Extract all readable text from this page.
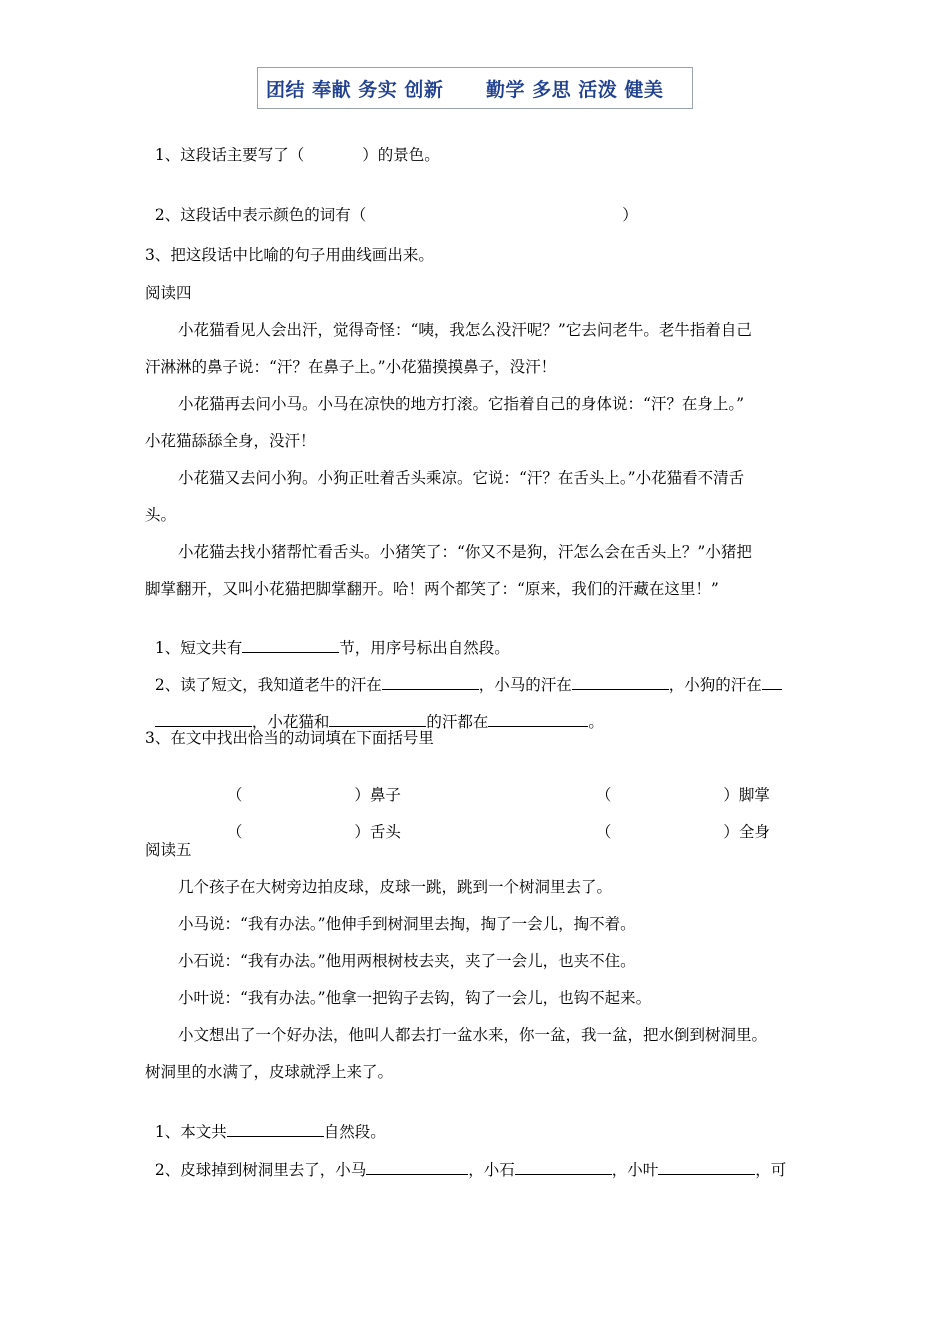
团结 奉献 务实 创新      勤学 多思 活泼 健美

1、这段话主要写了（	）的景色。

2、这段话中表示颜色的词有（	）

3、把这段话中比喻的句子用曲线画出来。
阅读四
小花猫看见人会出汗，觉得奇怪：“咦，我怎么没汗呢？”它去问老牛。老牛指着自己
汗淋淋的鼻子说：“汗？在鼻子上。”小花猫摸摸鼻子，没汗！
小花猫再去问小马。小马在凉快的地方打滚。它指着自己的身体说：“汗？在身上。”
小花猫舔舔全身，没汗！
小花猫又去问小狗。小狗正吐着舌头乘凉。它说：“汗？在舌头上。”小花猫看不清舌
头。
小花猫去找小猪帮忙看舌头。小猪笑了：“你又不是狗，汗怎么会在舌头上？”小猪把
脚掌翻开，又叫小花猫把脚掌翻开。哈！两个都笑了：“原来，我们的汗藏在这里！”

1、短文共有	节，用序号标出自然段。

2、读了短文，我知道老牛的汗在	，小马的汗在	，小狗的汗在

，小花猫和	的汗都在	。

3、在文中找出恰当的动词填在下面括号里

（	）鼻子	（	）脚掌

（	）舌头	（	）全身

阅读五
几个孩子在大树旁边拍皮球，皮球一跳，跳到一个树洞里去了。
小马说：“我有办法。”他伸手到树洞里去掏，掏了一会儿，掏不着。
小石说：“我有办法。”他用两根树枝去夹，夹了一会儿，也夹不住。
小叶说：“我有办法。”他拿一把钩子去钩，钩了一会儿，也钩不起来。
小文想出了一个好办法，他叫人都去打一盆水来，你一盆，我一盆，把水倒到树洞里。
树洞里的水满了，皮球就浮上来了。

1、本文共	自然段。

2、皮球掉到树洞里去了，小马	，小石	，小叶	，可
